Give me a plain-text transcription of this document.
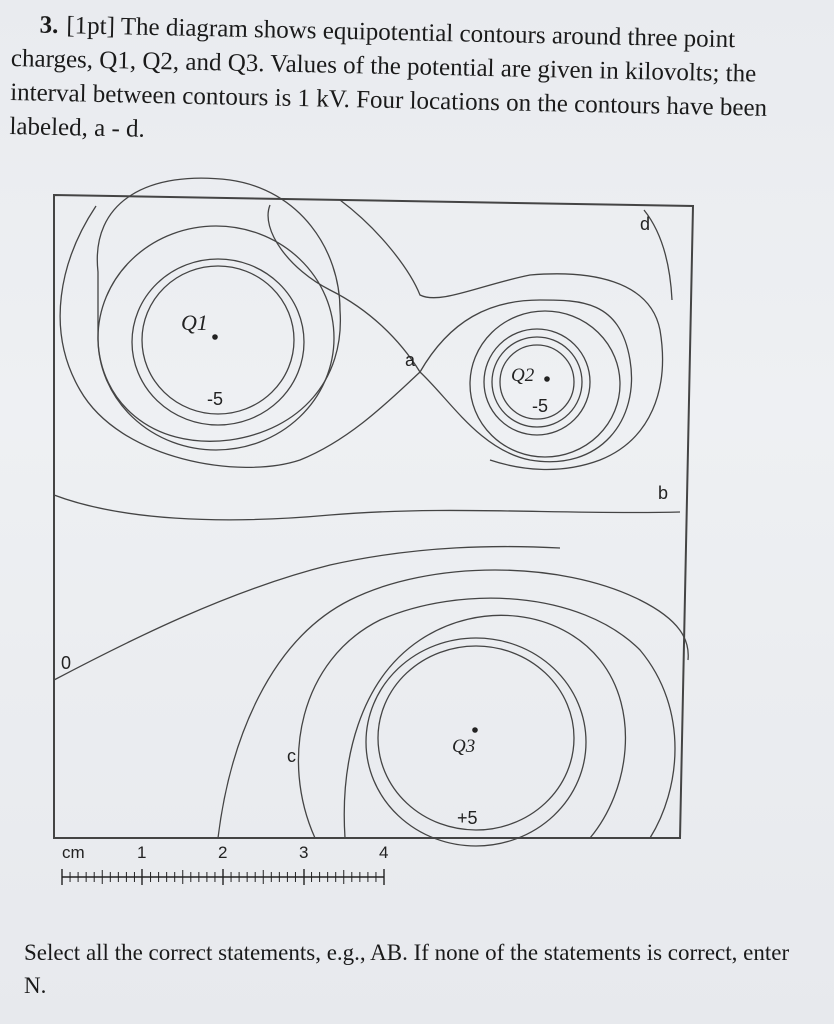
3. [1pt] The diagram shows equipotential contours around three point charges, Q1, Q2, and Q3. Values of the potential are given in kilovolts; the interval between contours is 1 kV. Four locations on the contours have been labeled, a - d.
Q1
Q2
Q3
-5	-5
0
+5
a
b
c
d
cm	1	2	3	4
Select all the correct statements, e.g., AB. If none of the statements is correct, enter N.
